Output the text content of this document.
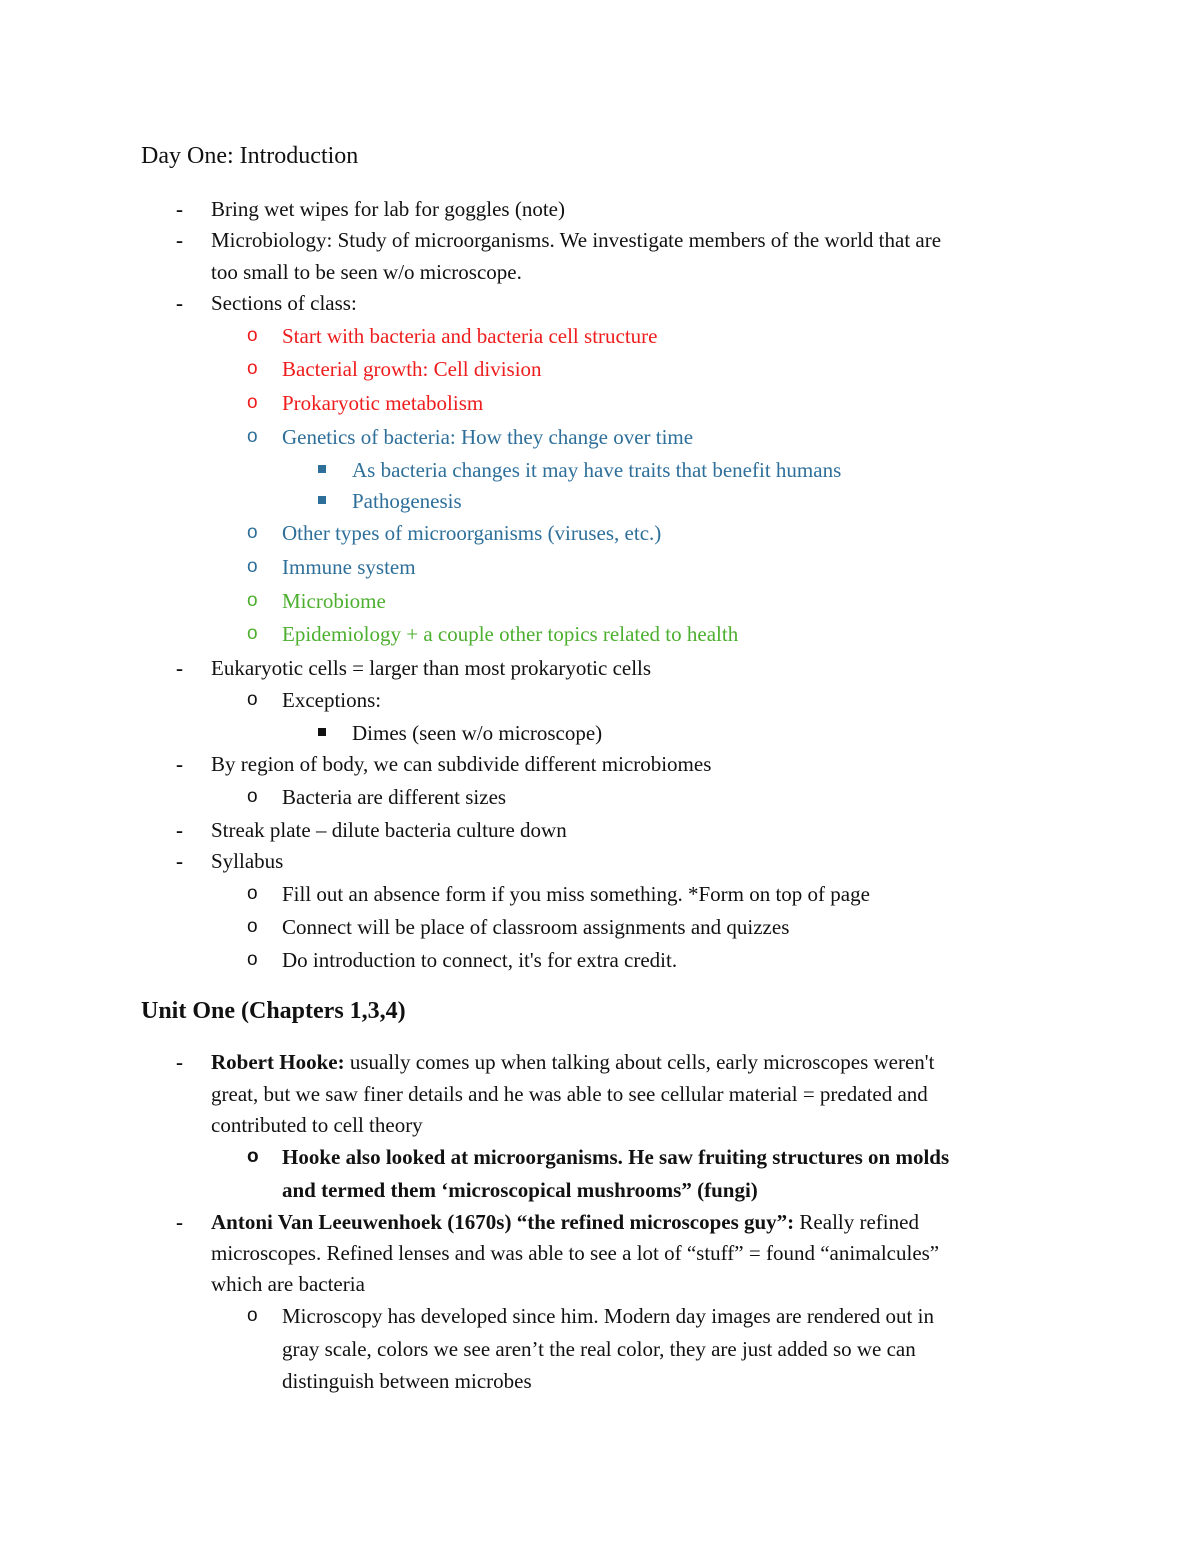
Day One: Introduction
- Bring wet wipes for lab for goggles (note)

- Microbiology: Study of microorganisms. We investigate members of the world that are

too small to be seen w/o microscope.

- Sections of class:

o Start with bacteria and bacteria cell structure

o Bacterial growth: Cell division

o Prokaryotic metabolism

o Genetics of bacteria: How they change over time

As bacteria changes it may have traits that benefit humans

Pathogenesis

o Other types of microorganisms (viruses, etc.)

o Immune system

o Microbiome

o Epidemiology + a couple other topics related to health

- Eukaryotic cells = larger than most prokaryotic cells

o Exceptions:

Dimes (seen w/o microscope)

- By region of body, we can subdivide different microbiomes

o Bacteria are different sizes

- Streak plate – dilute bacteria culture down

- Syllabus

o Fill out an absence form if you miss something. *Form on top of page

o Connect will be place of classroom assignments and quizzes

o Do introduction to connect, it's for extra credit.

Unit One (Chapters 1,3,4)
- Robert Hooke: usually comes up when talking about cells, early microscopes weren't

great, but we saw finer details and he was able to see cellular material = predated and

contributed to cell theory

o Hooke also looked at microorganisms. He saw fruiting structures on molds

and termed them ‘microscopical mushrooms” (fungi)

- Antoni Van Leeuwenhoek (1670s) “the refined microscopes guy”: Really refined

microscopes. Refined lenses and was able to see a lot of “stuff” = found “animalcules”

which are bacteria

o Microscopy has developed since him. Modern day images are rendered out in

gray scale, colors we see aren’t the real color, they are just added so we can

distinguish between microbes
